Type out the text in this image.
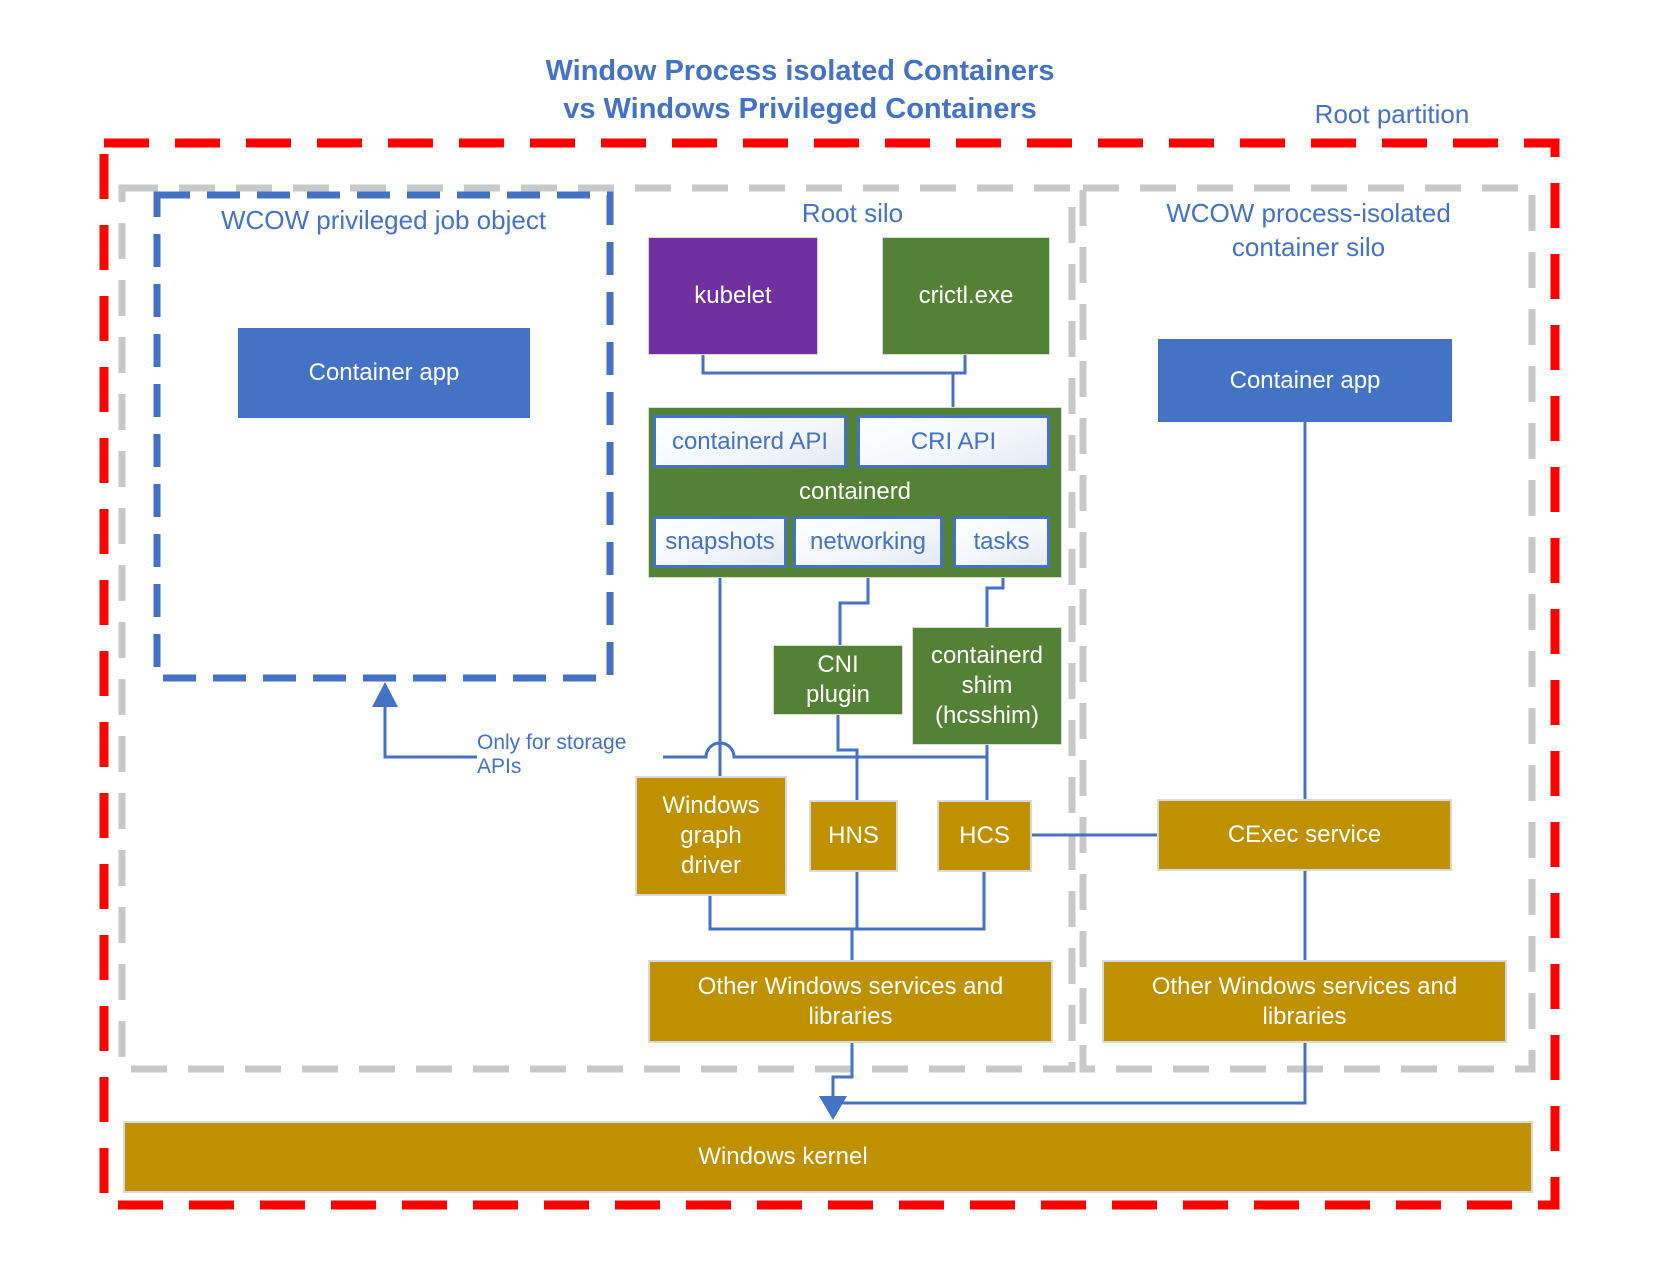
Window Process isolated Containers
vs Windows Privileged Containers	Root partition
Root silo
WCOW privileged job object	WCOW process-isolated
container silo
Only for storage APIs
Container app
kubelet	crictl.exe
containerd API	CRI API
containerd
snapshots	networking	tasks
CNI
plugin
containerd
shim
(hcsshim)
Windows
graph
driver
HNS	HCS
Other Windows services and libraries
Container app
CExec service
Other Windows services and libraries
Windows kernel
